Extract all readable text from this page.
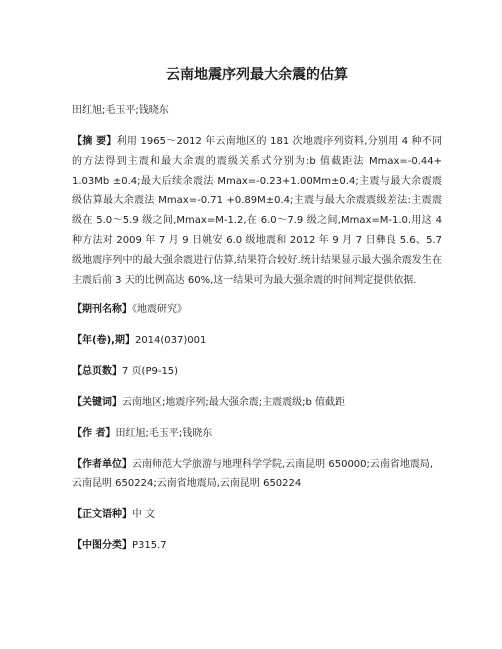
云南地震序列最大余震的估算
田红旭;毛玉平;钱晓东
【摘 要】利用 1965～2012 年云南地区的 181 次地震序列资料,分别用 4 种不同的方法得到主震和最大余震的震级关系式分别为:b 值截距法 Mmax=-0.44+ 1.03Mb ±0.4;最大后续余震法 Mmax=-0.23+1.00Mm±0.4;主震与最大余震震级估算最大余震法 Mmax=-0.71 +0.89M±0.4;主震与最大余震震级差法:主震震级在 5.0～5.9 级之间,Mmax=M-1.2,在 6.0～7.9 级之间,Mmax=M-1.0.用这 4 种方法对 2009 年 7 月 9 日姚安 6.0 级地震和 2012 年 9 月 7 日彝良 5.6、5.7 级地震序列中的最大强余震进行估算,结果符合较好.统计结果显示最大强余震发生在主震后前 3 天的比例高达 60%,这一结果可为最大强余震的时间判定提供依据.
【期刊名称】《地震研究》
【年(卷),期】2014(037)001
【总页数】7 页(P9-15)
【关键词】云南地区;地震序列;最大强余震;主震震级;b 值截距
【作 者】田红旭;毛玉平;钱晓东
【作者单位】云南师范大学旅游与地理科学学院,云南昆明 650000;云南省地震局,云南昆明 650224;云南省地震局,云南昆明 650224
【正文语种】中 文
【中图分类】P315.7
